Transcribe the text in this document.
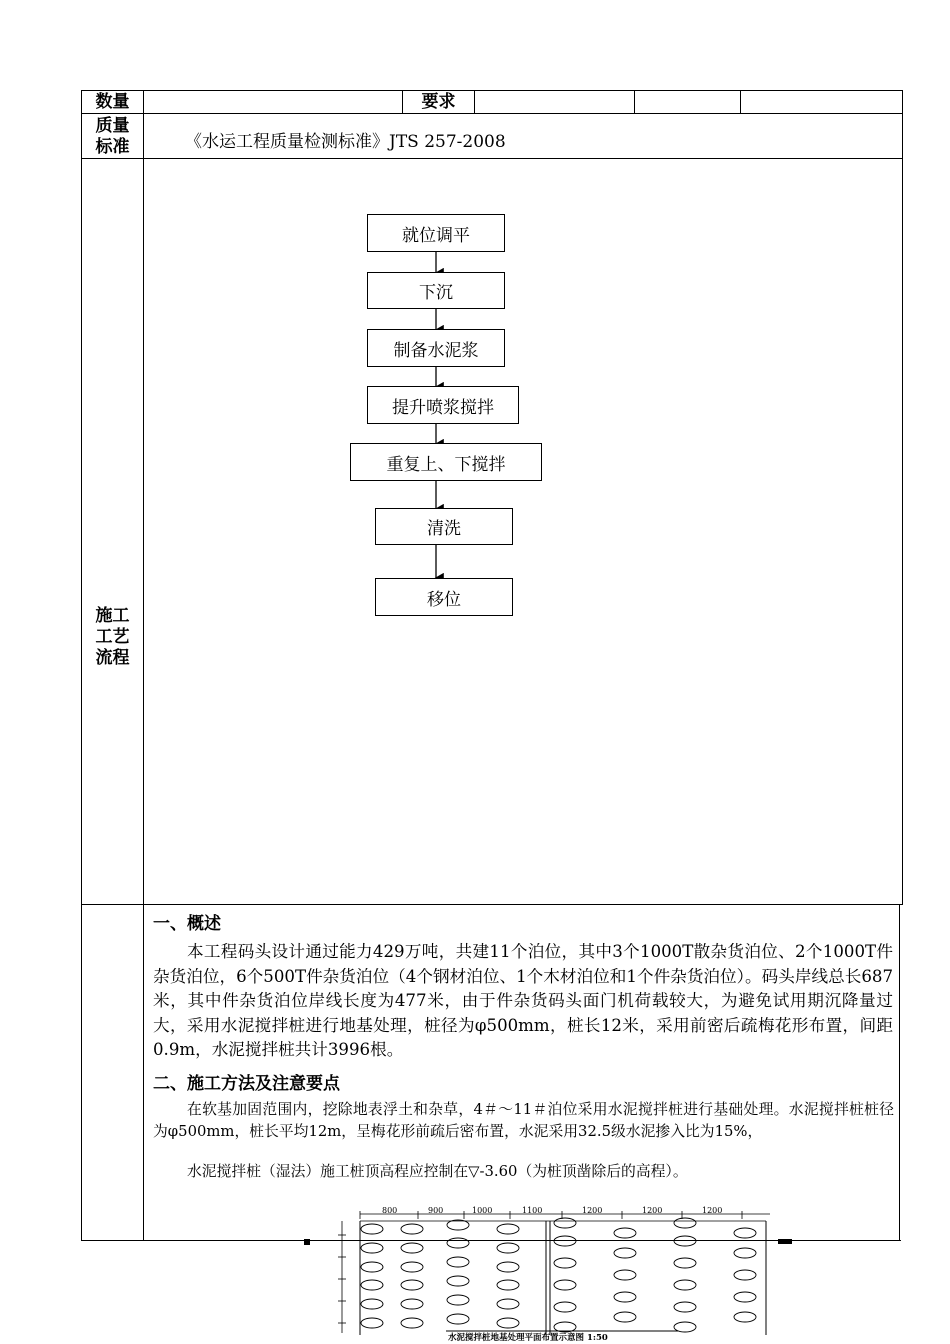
数量	要求
质量
标准	《水运工程质量检测标准》JTS 257-2008
施工
工艺
流程
就位调平
下沉
制备水泥浆
提升喷浆搅拌
重复上、下搅拌
清洗
移位
一、概述
本工程码头设计通过能力429万吨，共建11个泊位，其中3个1000T散杂货泊位、2个1000T件杂货泊位，6个500T件杂货泊位（4个钢材泊位、1个木材泊位和1个件杂货泊位）。码头岸线总长687米，其中件杂货泊位岸线长度为477米，由于件杂货码头面门机荷载较大，为避免试用期沉降量过大，采用水泥搅拌桩进行地基处理，桩径为φ500mm，桩长12米，采用前密后疏梅花形布置，间距0.9m，水泥搅拌桩共计3996根。
二、施工方法及注意要点
在软基加固范围内，挖除地表浮土和杂草，4＃～11＃泊位采用水泥搅拌桩进行基础处理。水泥搅拌桩桩径为φ500mm，桩长平均12m，呈梅花形前疏后密布置，水泥采用32.5级水泥掺入比为15%，
水泥搅拌桩（湿法）施工桩顶高程应控制在▽-3.60（为桩顶凿除后的高程）。
800	900	1000	1100	1200	1200	1200
水泥搅拌桩地基处理平面布置示意图 1:50
